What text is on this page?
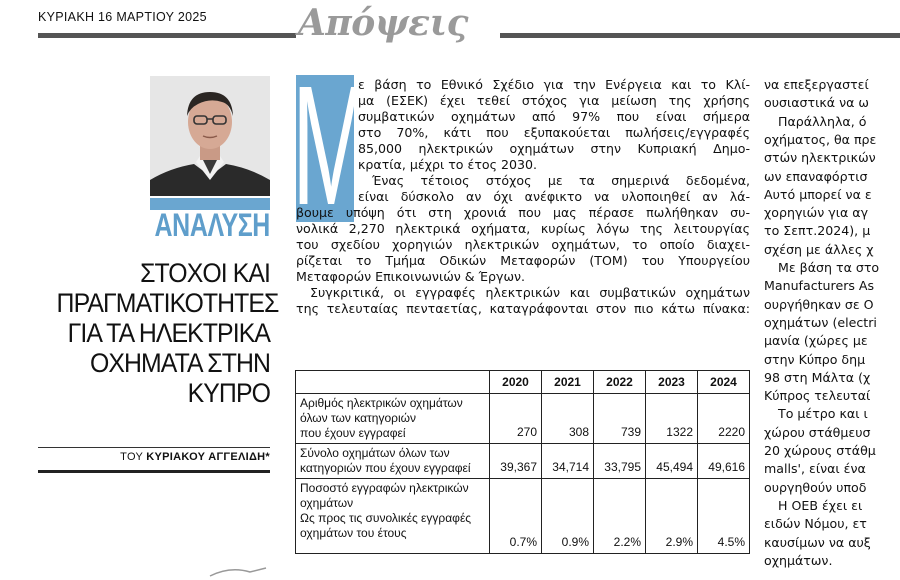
ΚΥΡΙΑΚΗ 16 ΜΑΡΤΙΟΥ 2025	Απόψεις
ΑΝΑΛΥΣΗ
ΣΤΟΧΟΙ ΚΑΙ
ΠΡΑΓΜΑΤΙΚΟΤΗΤΕΣ
ΓΙΑ ΤΑ ΗΛΕΚΤΡΙΚΑ
ΟΧΗΜΑΤΑ ΣΤΗΝ
ΚΥΠΡΟ
ΤΟΥ ΚΥΡΙΑΚΟΥ ΑΓΓΕΛΙΔΗ*
Μ
ε βάση το Εθνικό Σχέδιο για την Ενέργεια και το Κλί-
μα (ΕΣΕΚ) έχει τεθεί στόχος για μείωση της χρήσης
συμβατικών οχημάτων από 97% που είναι σήμερα
στο 70%, κάτι που εξυπακούεται πωλήσεις/εγγραφές
85,000 ηλεκτρικών οχημάτων στην Κυπριακή Δημο-
κρατία, μέχρι το έτος 2030.
Ένας τέτοιος στόχος με τα σημερινά δεδομένα,
είναι δύσκολο αν όχι ανέφικτο να υλοποιηθεί αν λά-
βουμε υπόψη ότι στη χρονιά που μας πέρασε πωλήθηκαν συ-
νολικά 2,270 ηλεκτρικά οχήματα, κυρίως λόγω της λειτουργίας
του σχεδίου χορηγιών ηλεκτρικών οχημάτων, το οποίο διαχει-
ρίζεται το Τμήμα Οδικών Μεταφορών (ΤΟΜ) του Υπουργείου
Μεταφορών Επικοινωνιών & Έργων.
Συγκριτικά, οι εγγραφές ηλεκτρικών και συμβατικών οχημάτων
της τελευταίας πενταετίας, καταγράφονται στον πιο κάτω πίνακα:
να επεξεργαστεί
ουσιαστικά να ω
Παράλληλα, ό
οχήματος, θα πρε
στών ηλεκτρικών
ων επαναφόρτισ
Αυτό μπορεί να ε
χορηγιών για αγ
το Σεπτ.2024), μ
σχέση με άλλες χ
Με βάση τα στο
Manufacturers As
ουργήθηκαν σε Ο
οχημάτων (electri
μανία (χώρες με
στην Κύπρο δημ
98 στη Μάλτα (χ
Κύπρος τελευταί
Το μέτρο και ι
χώρου στάθμευσ
20 χώρους στάθμ
malls', είναι ένα
ουργηθούν υποδ
Η ΟΕΒ έχει ει
ειδών Νόμου, ετ
καυσίμων να αυξ
οχημάτων.
	2020	2021	2022	2023	2024

Αριθμός ηλεκτρικών οχημάτων
όλων των κατηγοριών
που έχουν εγγραφεί	270	308	739	1322	2220

Σύνολο οχημάτων όλων των
κατηγοριών που έχουν εγγραφεί	39,367	34,714	33,795	45,494	49,616

Ποσοστό εγγραφών ηλεκτρικών
οχημάτων
Ως προς τις συνολικές εγγραφές
οχημάτων του έτους	0.7%	0.9%	2.2%	2.9%	4.5%
